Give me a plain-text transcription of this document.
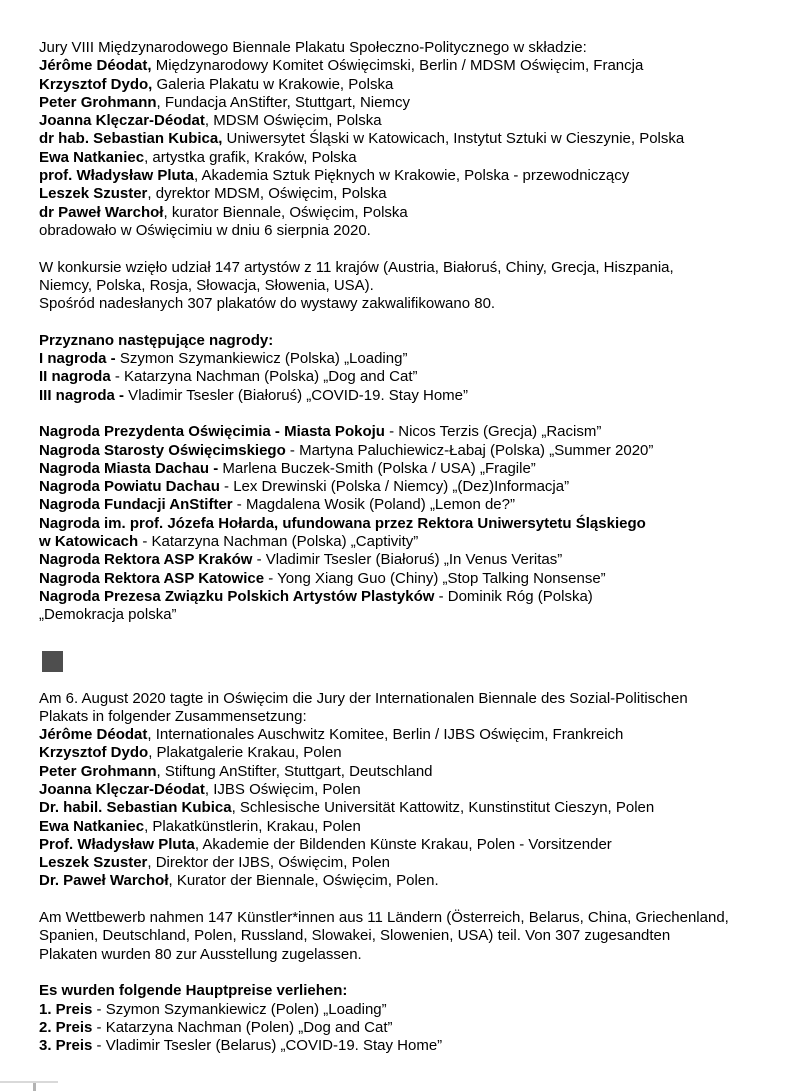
Jury VIII Międzynarodowego Biennale Plakatu Społeczno-Politycznego w składzie:
Jérôme Déodat, Międzynarodowy Komitet Oświęcimski, Berlin / MDSM Oświęcim, Francja
Krzysztof Dydo, Galeria Plakatu w Krakowie, Polska
Peter Grohmann, Fundacja AnStifter, Stuttgart, Niemcy
Joanna Klęczar-Déodat, MDSM Oświęcim, Polska
dr hab. Sebastian Kubica, Uniwersytet Śląski w Katowicach, Instytut Sztuki w Cieszynie, Polska
Ewa Natkaniec, artystka grafik, Kraków, Polska
prof. Władysław Pluta, Akademia Sztuk Pięknych w Krakowie, Polska - przewodniczący
Leszek Szuster, dyrektor MDSM, Oświęcim, Polska
dr Paweł Warchoł, kurator Biennale, Oświęcim, Polska
obradowało w Oświęcimiu w dniu 6 sierpnia 2020.
W konkursie wzięło udział 147 artystów z 11 krajów (Austria, Białoruś, Chiny, Grecja, Hiszpania,
Niemcy, Polska, Rosja, Słowacja, Słowenia, USA).
Spośród nadesłanych 307 plakatów do wystawy zakwalifikowano 80.
Przyznano następujące nagrody:
I nagroda - Szymon Szymankiewicz (Polska) „Loading”
II nagroda - Katarzyna Nachman (Polska) „Dog and Cat”
III nagroda - Vladimir Tsesler (Białoruś) „COVID-19. Stay Home”
Nagroda Prezydenta Oświęcimia - Miasta Pokoju - Nicos Terzis (Grecja) „Racism”
Nagroda Starosty Oświęcimskiego - Martyna Paluchiewicz-Łabaj (Polska) „Summer 2020”
Nagroda Miasta Dachau - Marlena Buczek-Smith (Polska / USA) „Fragile”
Nagroda Powiatu Dachau - Lex Drewinski (Polska / Niemcy) „(Dez)Informacja”
Nagroda Fundacji AnStifter - Magdalena Wosik (Poland) „Lemon de?”
Nagroda im. prof. Józefa Hołarda, ufundowana przez Rektora Uniwersytetu Śląskiego
w Katowicach - Katarzyna Nachman (Polska) „Captivity”
Nagroda Rektora ASP Kraków - Vladimir Tsesler (Białoruś) „In Venus Veritas”
Nagroda Rektora ASP Katowice - Yong Xiang Guo (Chiny) „Stop Talking Nonsense”
Nagroda Prezesa Związku Polskich Artystów Plastyków - Dominik Róg (Polska)
„Demokracja polska”
Am 6. August 2020 tagte in Oświęcim die Jury der Internationalen Biennale des Sozial-Politischen
Plakats in folgender Zusammensetzung:
Jérôme Déodat, Internationales Auschwitz Komitee, Berlin / IJBS Oświęcim, Frankreich
Krzysztof Dydo, Plakatgalerie Krakau, Polen
Peter Grohmann, Stiftung AnStifter, Stuttgart, Deutschland
Joanna Klęczar-Déodat, IJBS Oświęcim, Polen
Dr. habil. Sebastian Kubica, Schlesische Universität Kattowitz, Kunstinstitut Cieszyn, Polen
Ewa Natkaniec, Plakatkünstlerin, Krakau, Polen
Prof. Władysław Pluta, Akademie der Bildenden Künste Krakau, Polen - Vorsitzender
Leszek Szuster, Direktor der IJBS, Oświęcim, Polen
Dr. Paweł Warchoł, Kurator der Biennale, Oświęcim, Polen.
Am Wettbewerb nahmen 147 Künstler*innen aus 11 Ländern (Österreich, Belarus, China, Griechenland,
Spanien, Deutschland, Polen, Russland, Slowakei, Slowenien, USA) teil. Von 307 zugesandten
Plakaten wurden 80 zur Ausstellung zugelassen.
Es wurden folgende Hauptpreise verliehen:
1. Preis - Szymon Szymankiewicz (Polen) „Loading”
2. Preis - Katarzyna Nachman (Polen) „Dog and Cat”
3. Preis - Vladimir Tsesler (Belarus) „COVID-19. Stay Home”
